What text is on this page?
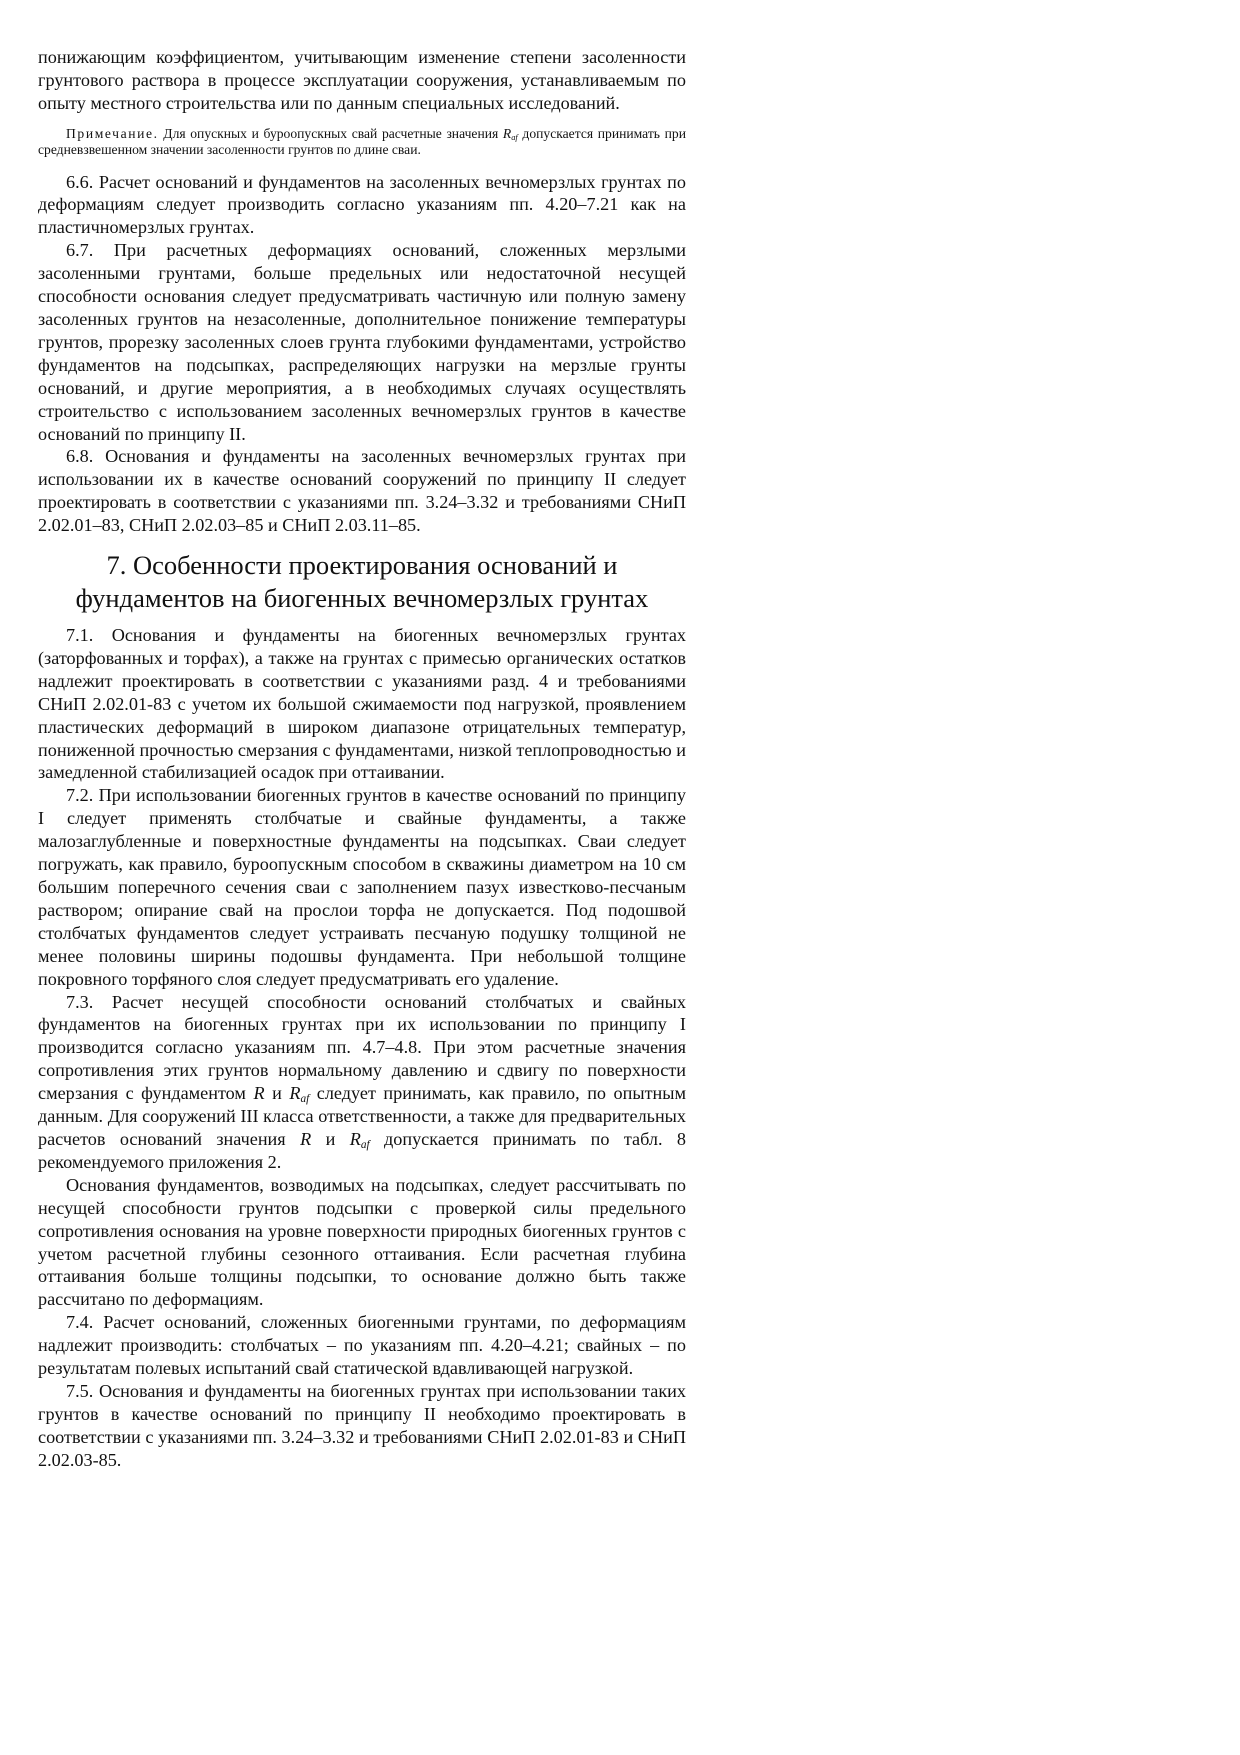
понижающим коэффициентом, учитывающим изменение степени засоленности грунтового раствора в процессе эксплуатации сооружения, устанавливаемым по опыту местного строительства или по данным специальных исследований.

Примечание. Для опускных и буроопускных свай расчетные значения $R_{af}$ допускается принимать при средневзвешенном значении засоленности грунтов по длине сваи.

6.6. Расчет оснований и фундаментов на засоленных вечномерзлых грунтах по деформациям следует производить согласно указаниям пп. 4.20–7.21 как на пластичномерзлых грунтах.

6.7. При расчетных деформациях оснований, сложенных мерзлыми засоленными грунтами, больше предельных или недостаточной несущей способности основания следует предусматривать частичную или полную замену засоленных грунтов на незасоленные, дополнительное понижение температуры грунтов, прорезку засоленных слоев грунта глубокими фундаментами, устройство фундаментов на подсыпках, распределяющих нагрузки на мерзлые грунты оснований, и другие мероприятия, а в необходимых случаях осуществлять строительство с использованием засоленных вечномерзлых грунтов в качестве оснований по принципу II.

6.8. Основания и фундаменты на засоленных вечномерзлых грунтах при использовании их в качестве оснований сооружений по принципу II следует проектировать в соответствии с указаниями пп. 3.24–3.32 и требованиями СНиП 2.02.01–83, СНиП 2.02.03–85 и СНиП 2.03.11–85.

7. Особенности проектирования оснований и фундаментов на биогенных вечномерзлых грунтах

7.1. Основания и фундаменты на биогенных вечномерзлых грунтах (заторфованных и торфах), а также на грунтах с примесью органических остатков надлежит проектировать в соответствии с указаниями разд. 4 и требованиями СНиП 2.02.01-83 с учетом их большой сжимаемости под нагрузкой, проявлением пластических деформаций в широком диапазоне отрицательных температур, пониженной прочностью смерзания с фундаментами, низкой теплопроводностью и замедленной стабилизацией осадок при оттаивании.

7.2. При использовании биогенных грунтов в качестве оснований по принципу I следует применять столбчатые и свайные фундаменты, а также малозаглубленные и поверхностные фундаменты на подсыпках. Сваи следует погружать, как правило, буроопускным способом в скважины диаметром на 10 см большим поперечного сечения сваи с заполнением пазух известково-песчаным раствором; опирание свай на прослои торфа не допускается. Под подошвой столбчатых фундаментов следует устраивать песчаную подушку толщиной не менее половины ширины подошвы фундамента. При небольшой толщине покровного торфяного слоя следует предусматривать его удаление.

7.3. Расчет несущей способности оснований столбчатых и свайных фундаментов на биогенных грунтах при их использовании по принципу I производится согласно указаниям пп. 4.7–4.8. При этом расчетные значения сопротивления этих грунтов нормальному давлению и сдвигу по поверхности смерзания с фундаментом R и $R_{af}$ следует принимать, как правило, по опытным данным. Для сооружений III класса ответственности, а также для предварительных расчетов оснований значения R и $R_{af}$ допускается принимать по табл. 8 рекомендуемого приложения 2.

Основания фундаментов, возводимых на подсыпках, следует рассчитывать по несущей способности грунтов подсыпки с проверкой силы предельного сопротивления основания на уровне поверхности природных биогенных грунтов с учетом расчетной глубины сезонного оттаивания. Если расчетная глубина оттаивания больше толщины подсыпки, то основание должно быть также рассчитано по деформациям.

7.4. Расчет оснований, сложенных биогенными грунтами, по деформациям надлежит производить: столбчатых – по указаниям пп. 4.20–4.21; свайных – по результатам полевых испытаний свай статической вдавливающей нагрузкой.

7.5. Основания и фундаменты на биогенных грунтах при использовании таких грунтов в качестве оснований по принципу II необходимо проектировать в соответствии с указаниями пп. 3.24–3.32 и требованиями СНиП 2.02.01-83 и СНиП 2.02.03-85.
